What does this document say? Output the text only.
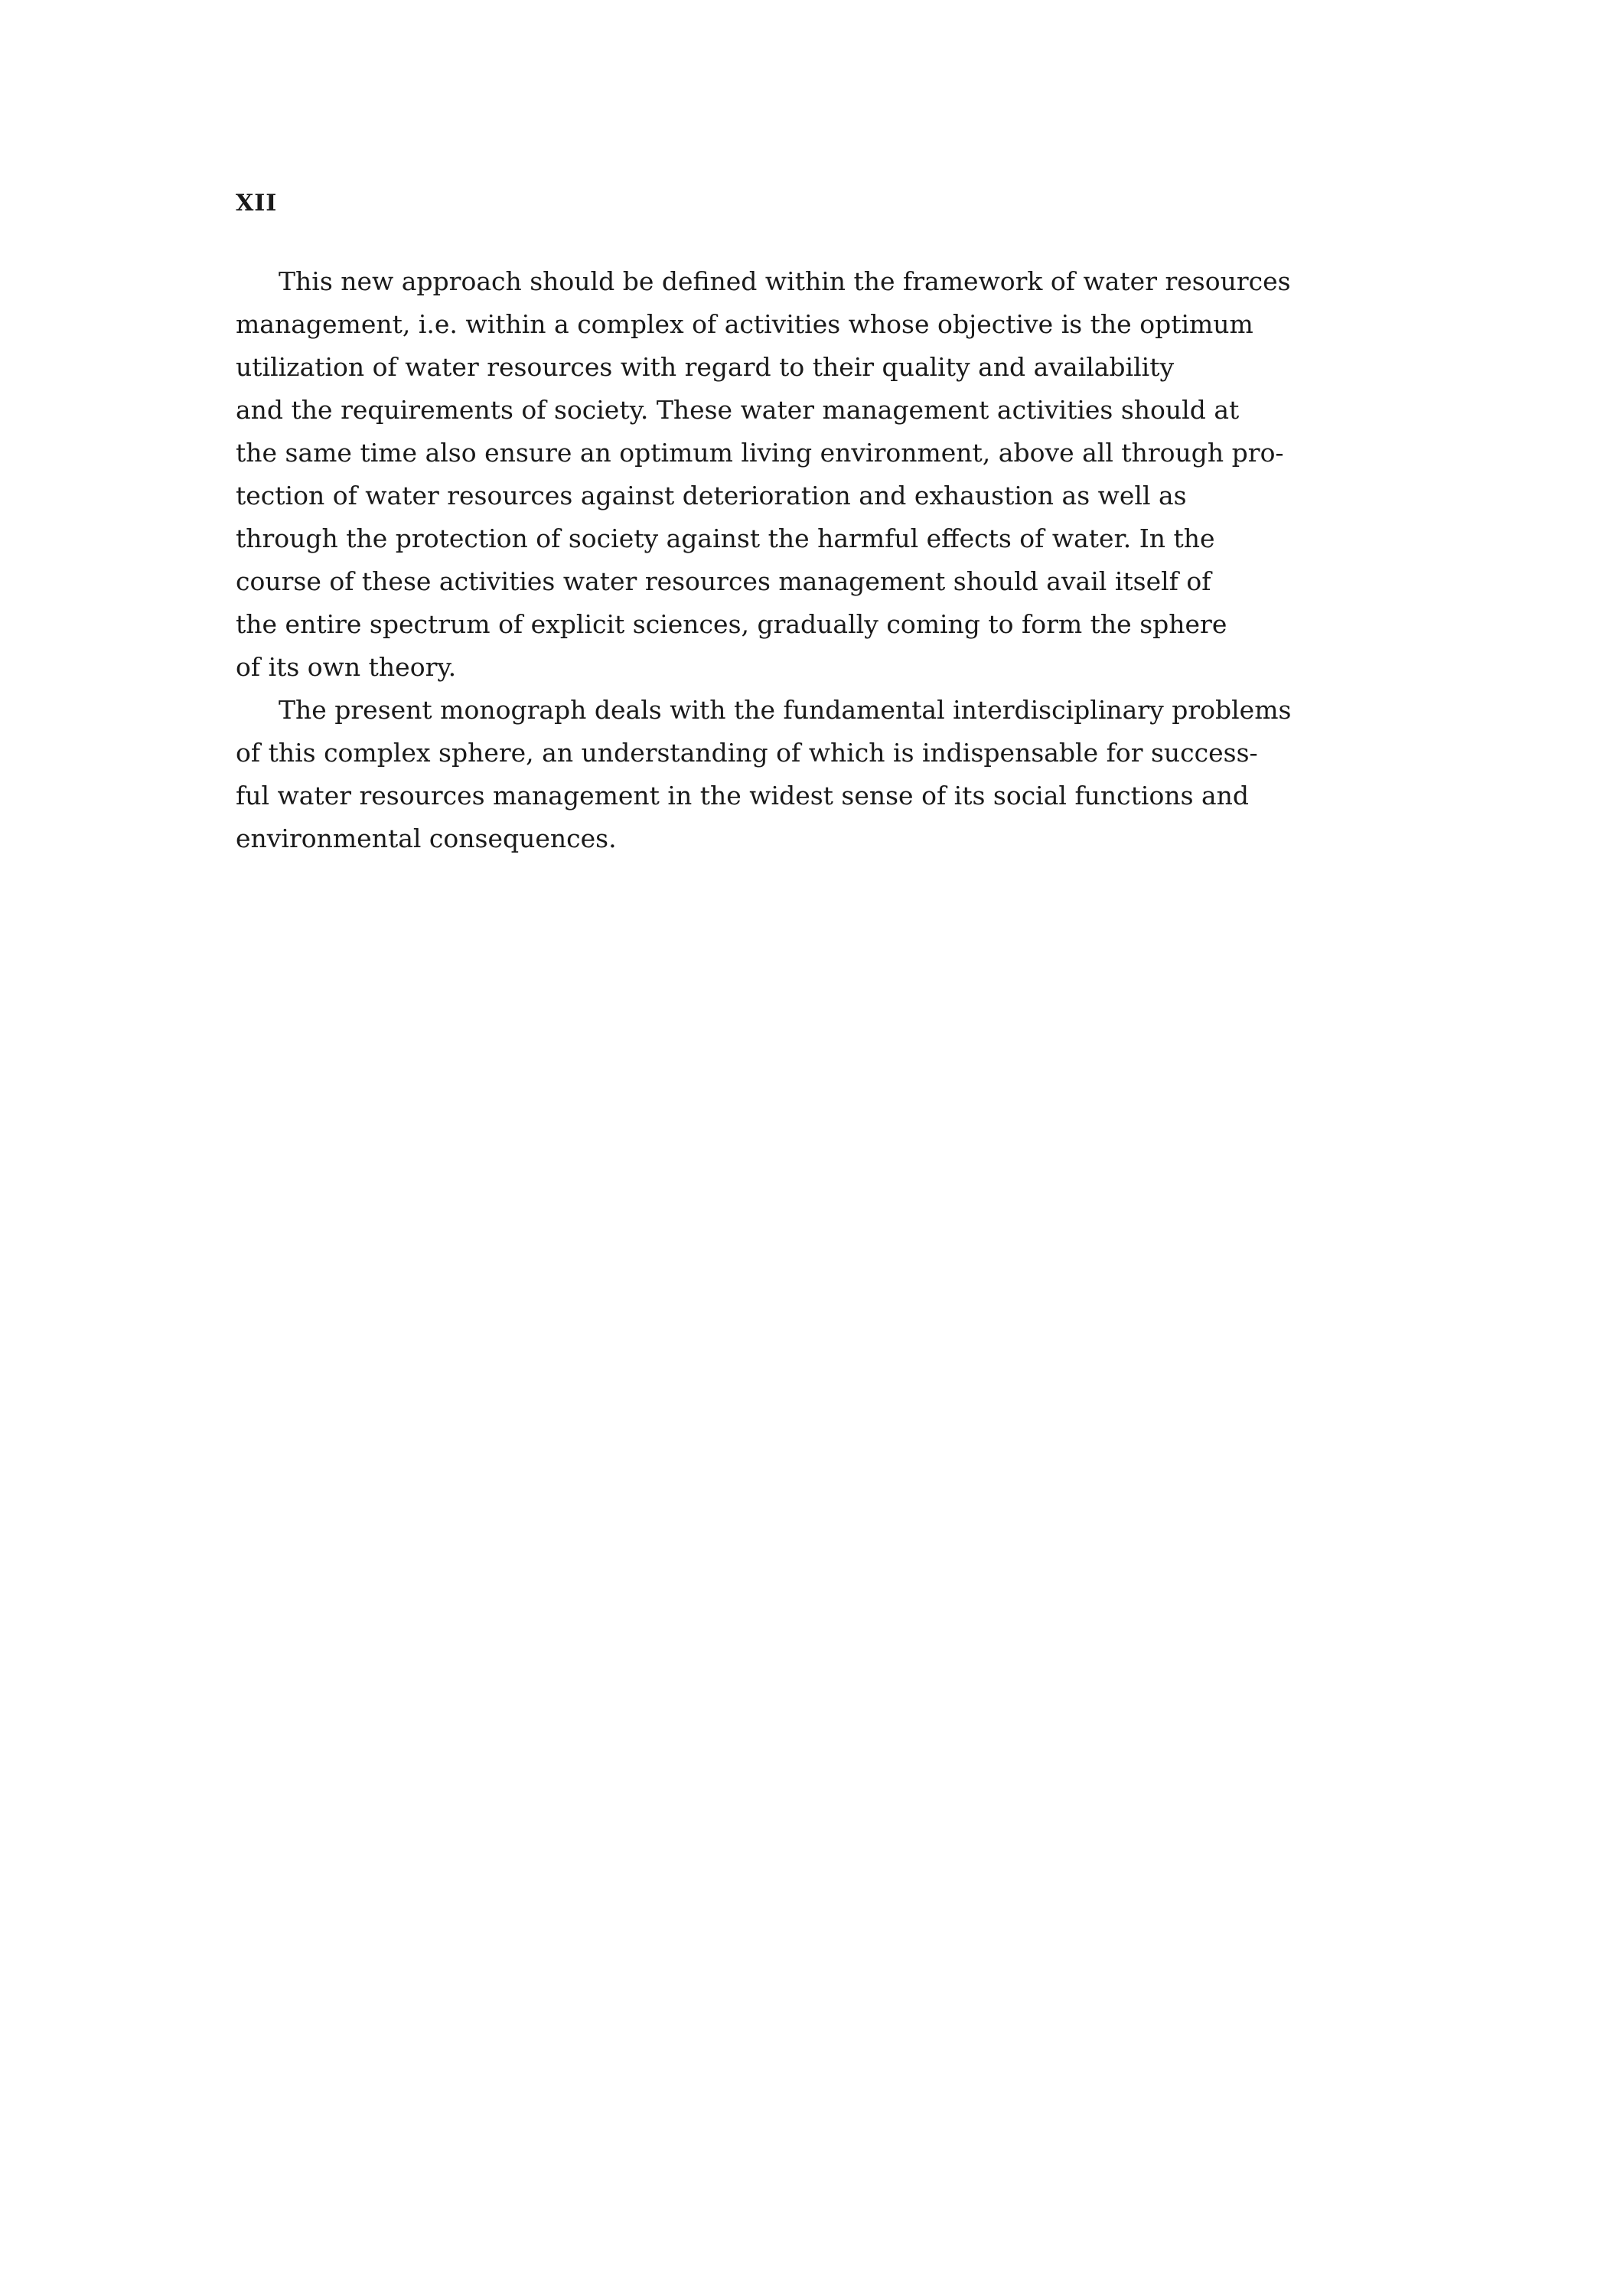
XII
This new approach should be defined within the framework of water resources
management, i.e. within a complex of activities whose objective is the optimum
utilization of water resources with regard to their quality and availability
and the requirements of society. These water management activities should at
the same time also ensure an optimum living environment, above all through pro-
tection of water resources against deterioration and exhaustion as well as
through the protection of society against the harmful effects of water. In the
course of these activities water resources management should avail itself of
the entire spectrum of explicit sciences, gradually coming to form the sphere
of its own theory.
The present monograph deals with the fundamental interdisciplinary problems
of this complex sphere, an understanding of which is indispensable for success-
ful water resources management in the widest sense of its social functions and
environmental consequences.
